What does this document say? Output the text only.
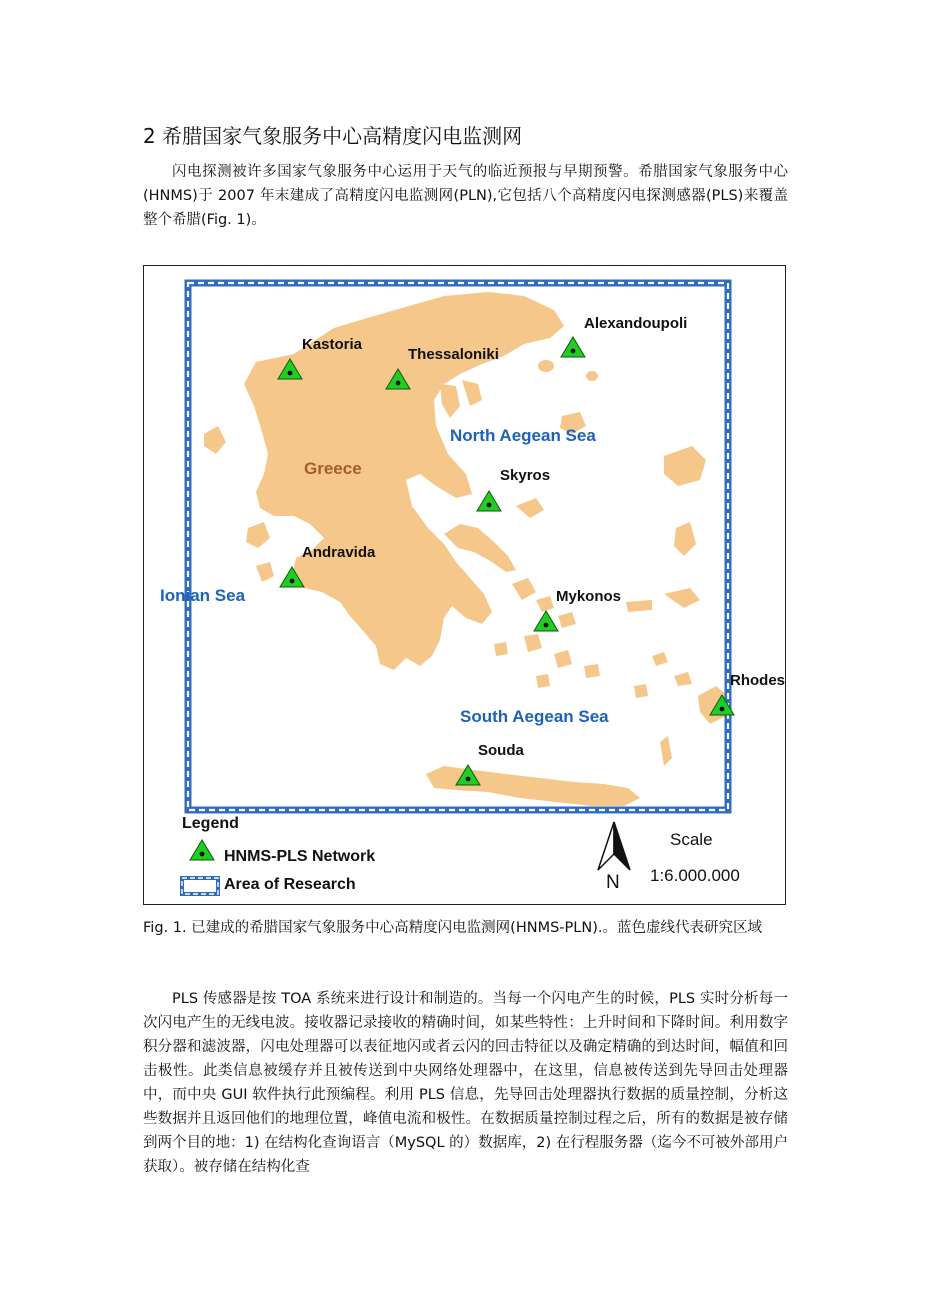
2 希腊国家气象服务中心高精度闪电监测网

闪电探测被许多国家气象服务中心运用于天气的临近预报与早期预警。希腊国家气象服务中心(HNMS)于 2007 年末建成了高精度闪电监测网(PLN),它包括八个高精度闪电探测感器(PLS)来覆盖整个希腊(Fig. 1)。

Kastoria
Thessaloniki
Alexandoupoli
Skyros
Andravida
Mykonos
Rhodes
Souda
Greece
North Aegean Sea
Ionian Sea
South Aegean Sea
Legend
HNMS-PLS Network
Area of Research	N
Scale
1:6.000.000
Fig. 1. 已建成的希腊国家气象服务中心高精度闪电监测网(HNMS-PLN).。蓝色虚线代表研究区域

PLS 传感器是按 TOA 系统来进行设计和制造的。当每一个闪电产生的时候，PLS 实时分析每一次闪电产生的无线电波。接收器记录接收的精确时间，如某些特性：上升时间和下降时间。利用数字积分器和滤波器，闪电处理器可以表征地闪或者云闪的回击特征以及确定精确的到达时间，幅值和回击极性。此类信息被缓存并且被传送到中央网络处理器中，在这里，信息被传送到先导回击处理器中，而中央 GUI 软件执行此预编程。利用 PLS 信息，先导回击处理器执行数据的质量控制，分析这些数据并且返回他们的地理位置，峰值电流和极性。在数据质量控制过程之后，所有的数据是被存储到两个目的地：1) 在结构化查询语言（MySQL 的）数据库，2) 在行程服务器（迄今不可被外部用户获取）。被存储在结构化查
